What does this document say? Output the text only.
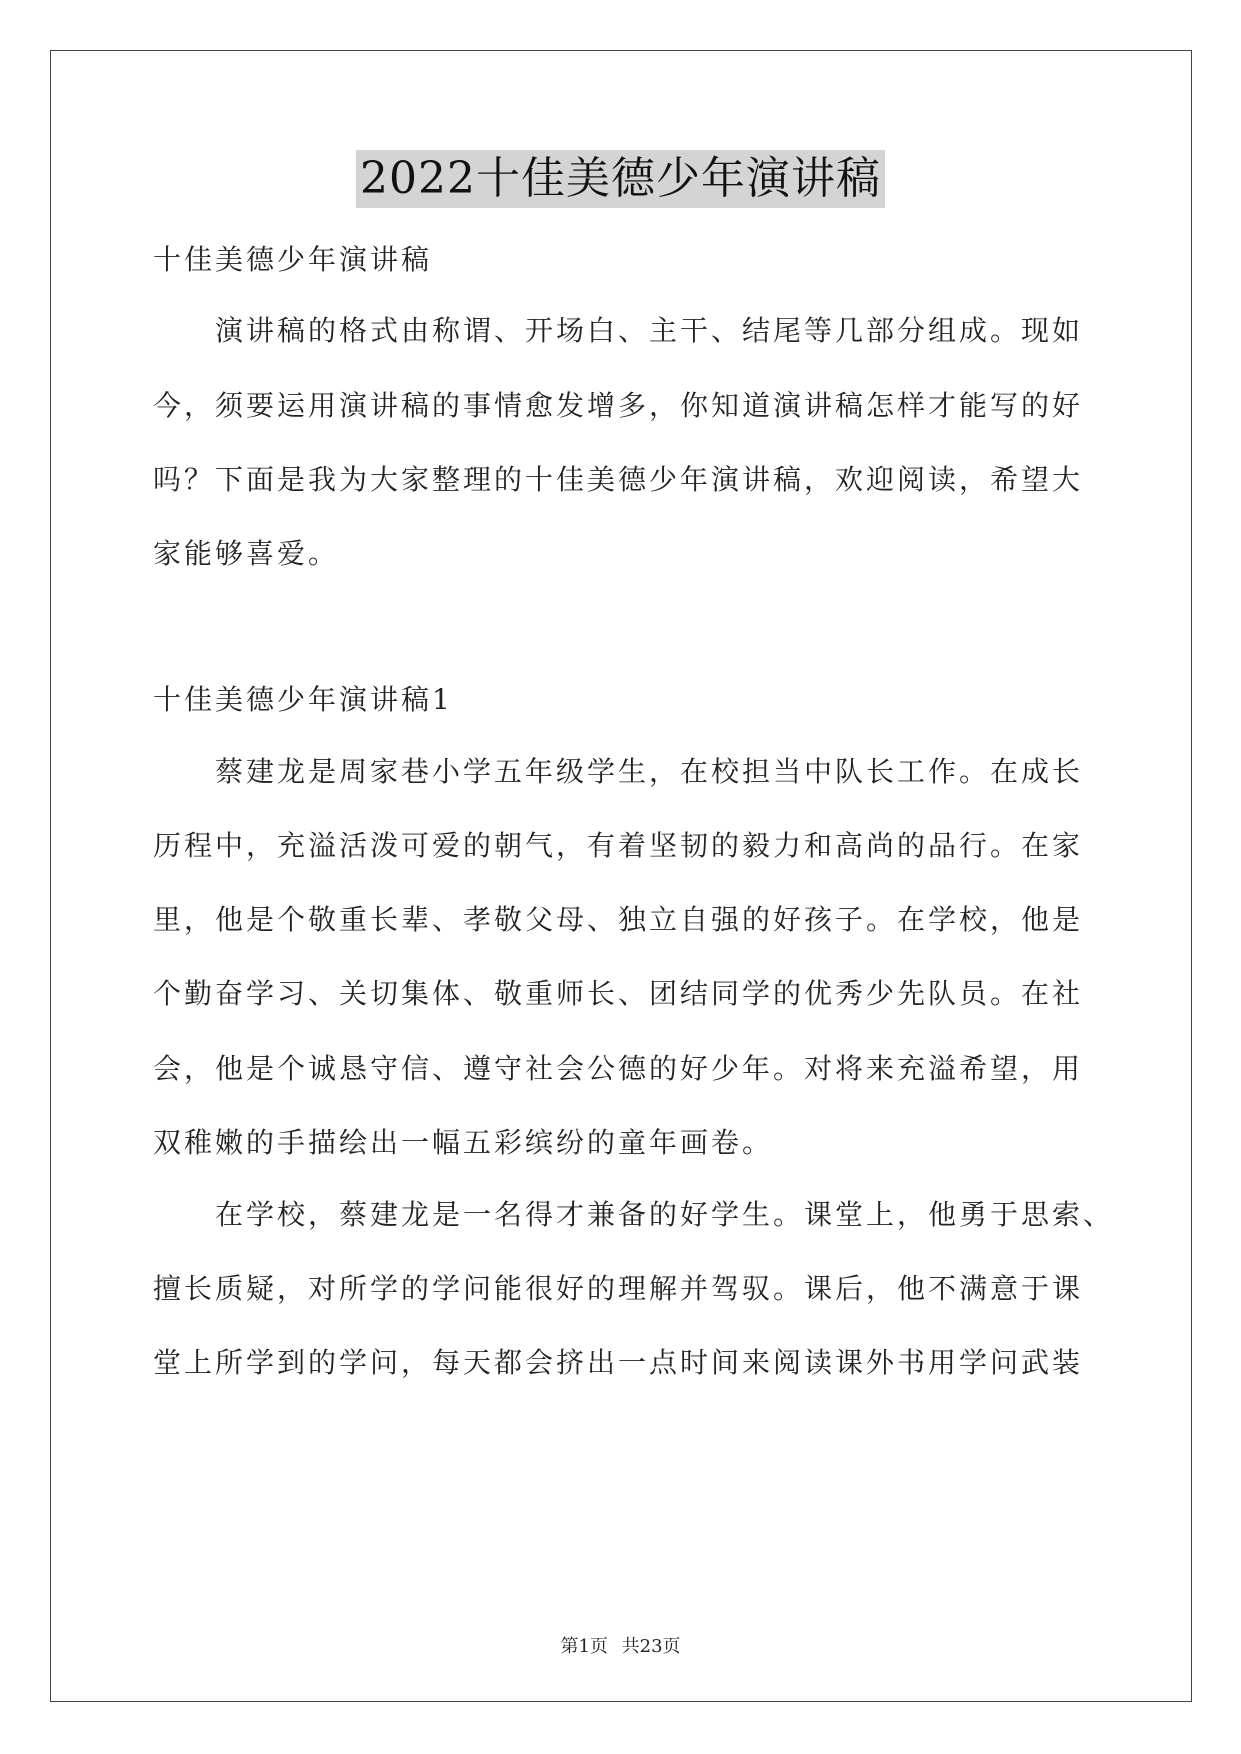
2022十佳美德少年演讲稿
十佳美德少年演讲稿
　　演讲稿的格式由称谓、开场白、主干、结尾等几部分组成。现如
今，须要运用演讲稿的事情愈发增多，你知道演讲稿怎样才能写的好
吗？下面是我为大家整理的十佳美德少年演讲稿，欢迎阅读，希望大
家能够喜爱。
十佳美德少年演讲稿1
　　蔡建龙是周家巷小学五年级学生，在校担当中队长工作。在成长
历程中，充溢活泼可爱的朝气，有着坚韧的毅力和高尚的品行。在家
里，他是个敬重长辈、孝敬父母、独立自强的好孩子。在学校，他是
个勤奋学习、关切集体、敬重师长、团结同学的优秀少先队员。在社
会，他是个诚恳守信、遵守社会公德的好少年。对将来充溢希望，用
双稚嫩的手描绘出一幅五彩缤纷的童年画卷。
　　在学校，蔡建龙是一名得才兼备的好学生。课堂上，他勇于思索、
擅长质疑，对所学的学问能很好的理解并驾驭。课后，他不满意于课
堂上所学到的学问，每天都会挤出一点时间来阅读课外书用学问武装
第1页 共23页
